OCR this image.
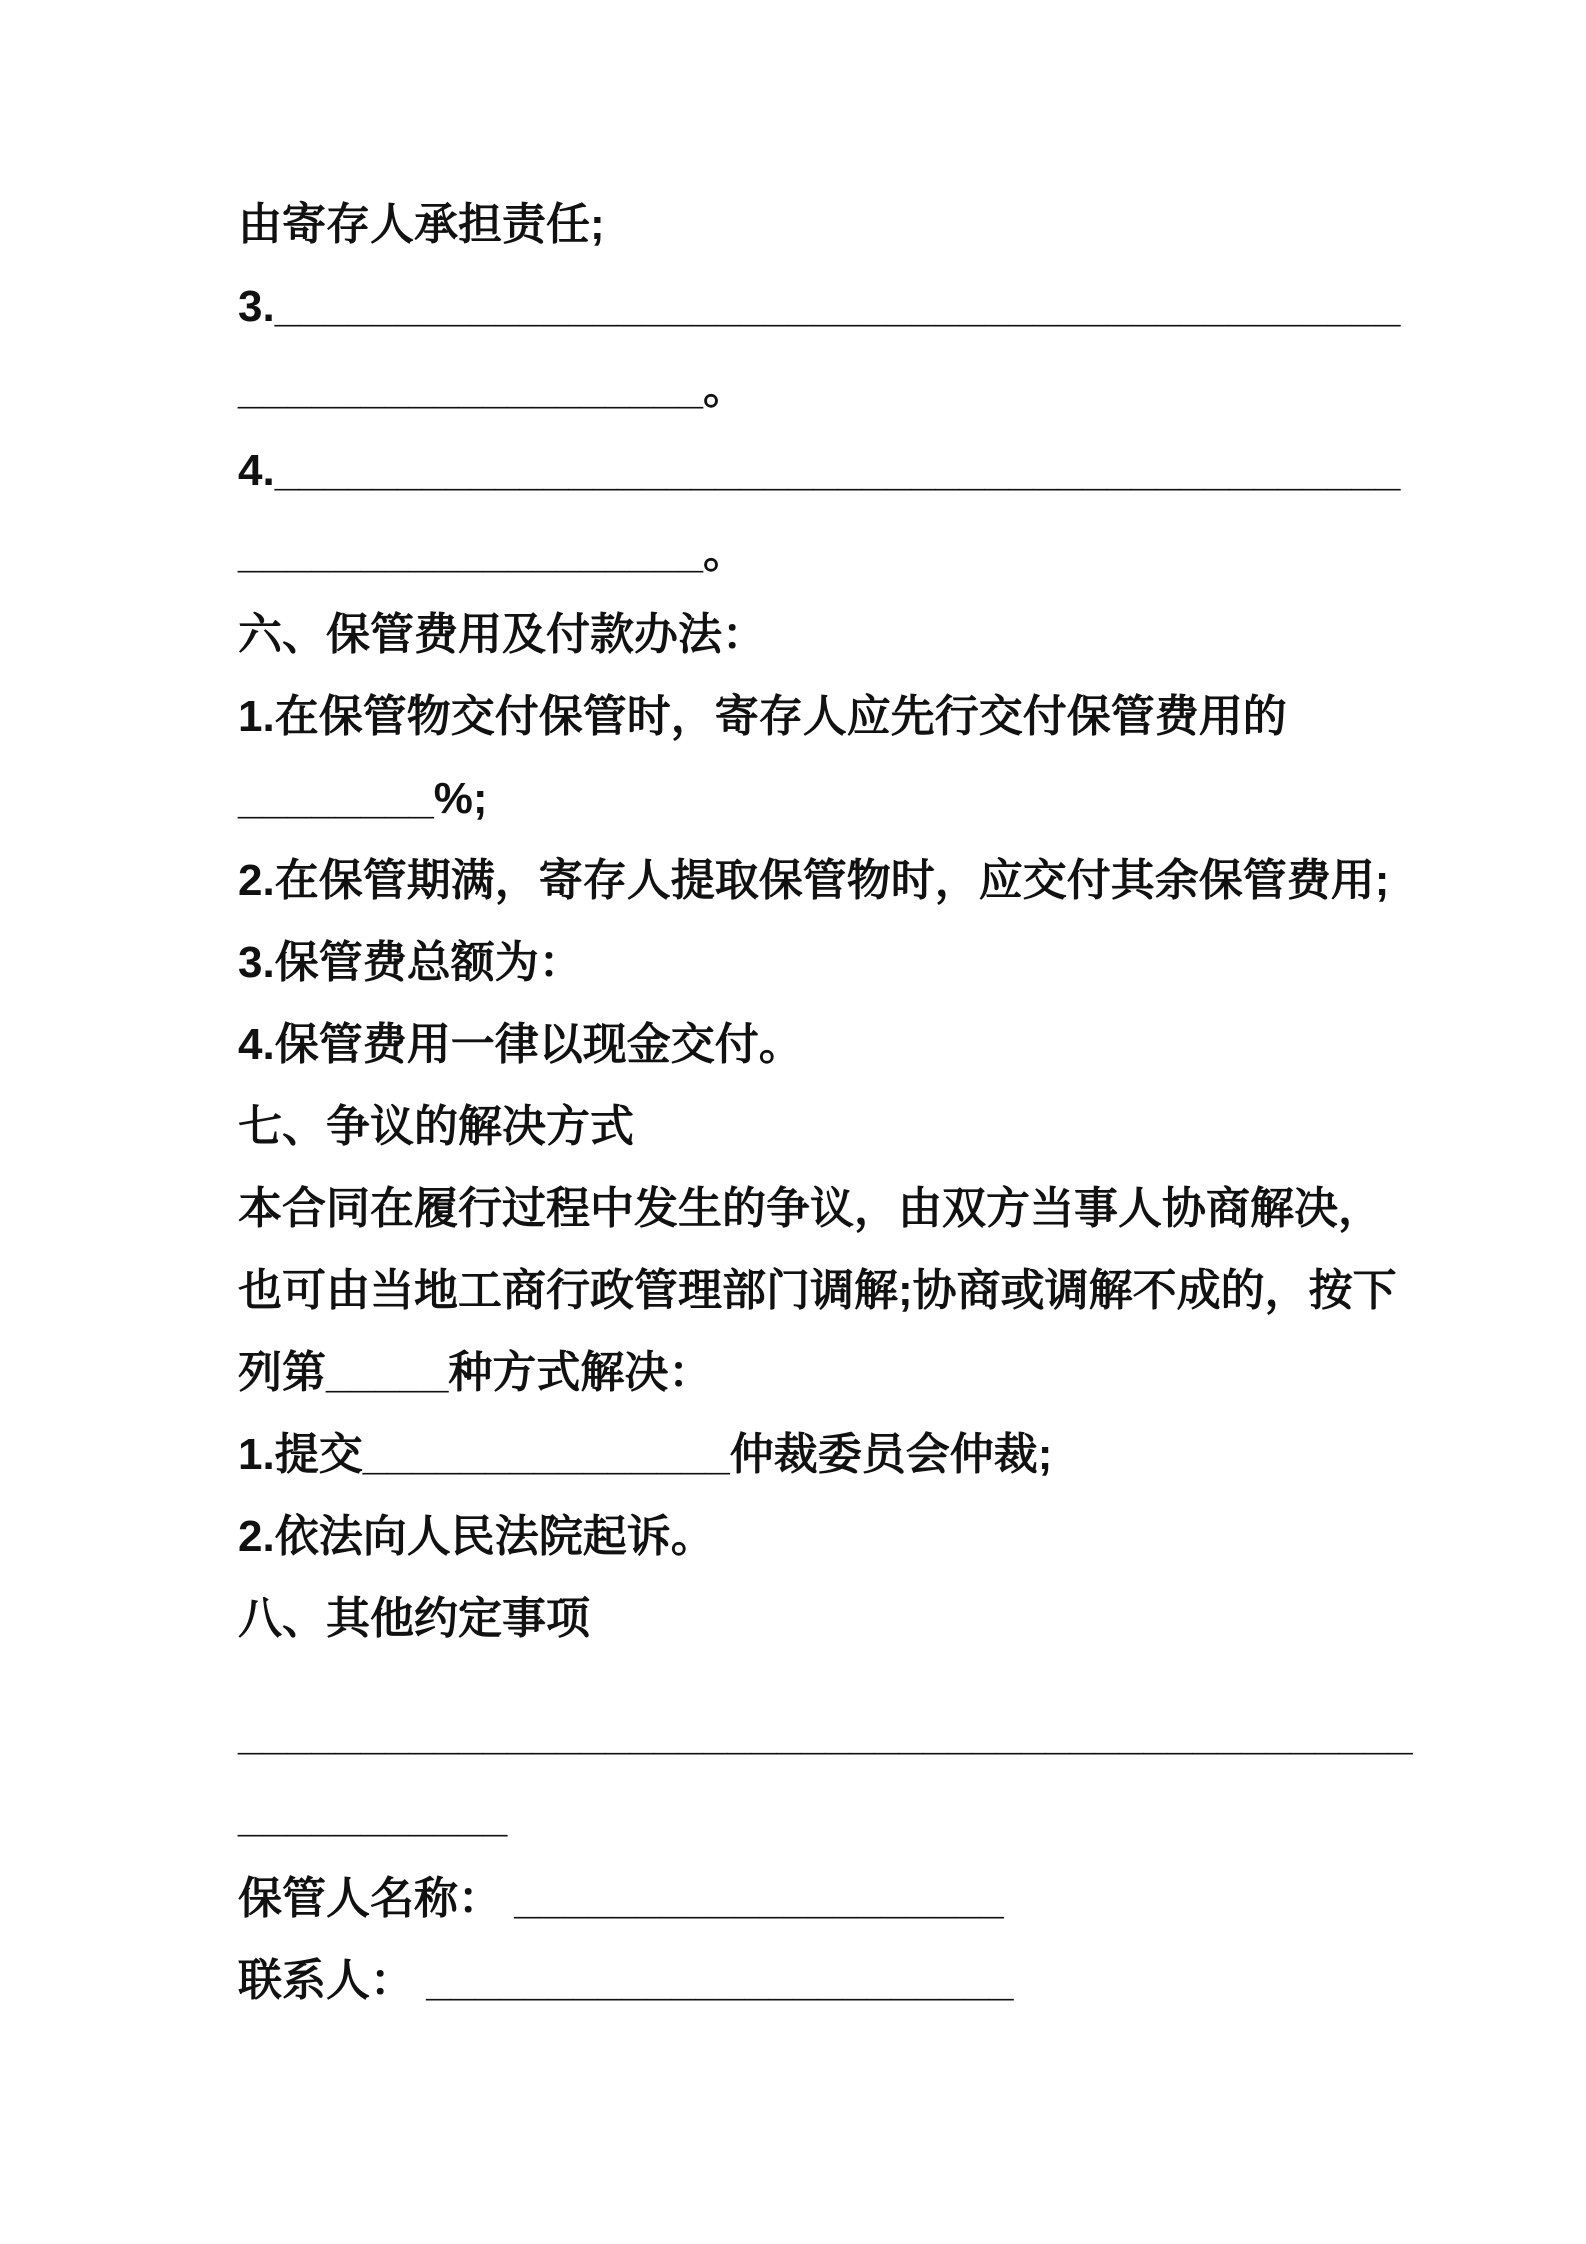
由寄存人承担责任;
3.______________________________________________
___________________。
4.______________________________________________
___________________。
六、保管费用及付款办法：
1.在保管物交付保管时，寄存人应先行交付保管费用的
________%;
2.在保管期满，寄存人提取保管物时，应交付其余保管费用;
3.保管费总额为：
4.保管费用一律以现金交付。
七、争议的解决方式
本合同在履行过程中发生的争议，由双方当事人协商解决，
也可由当地工商行政管理部门调解;协商或调解不成的，按下
列第_____种方式解决：
1.提交_______________仲裁委员会仲裁;
2.依法向人民法院起诉。
八、其他约定事项
________________________________________________
___________
保管人名称： ____________________
联系人： ________________________
